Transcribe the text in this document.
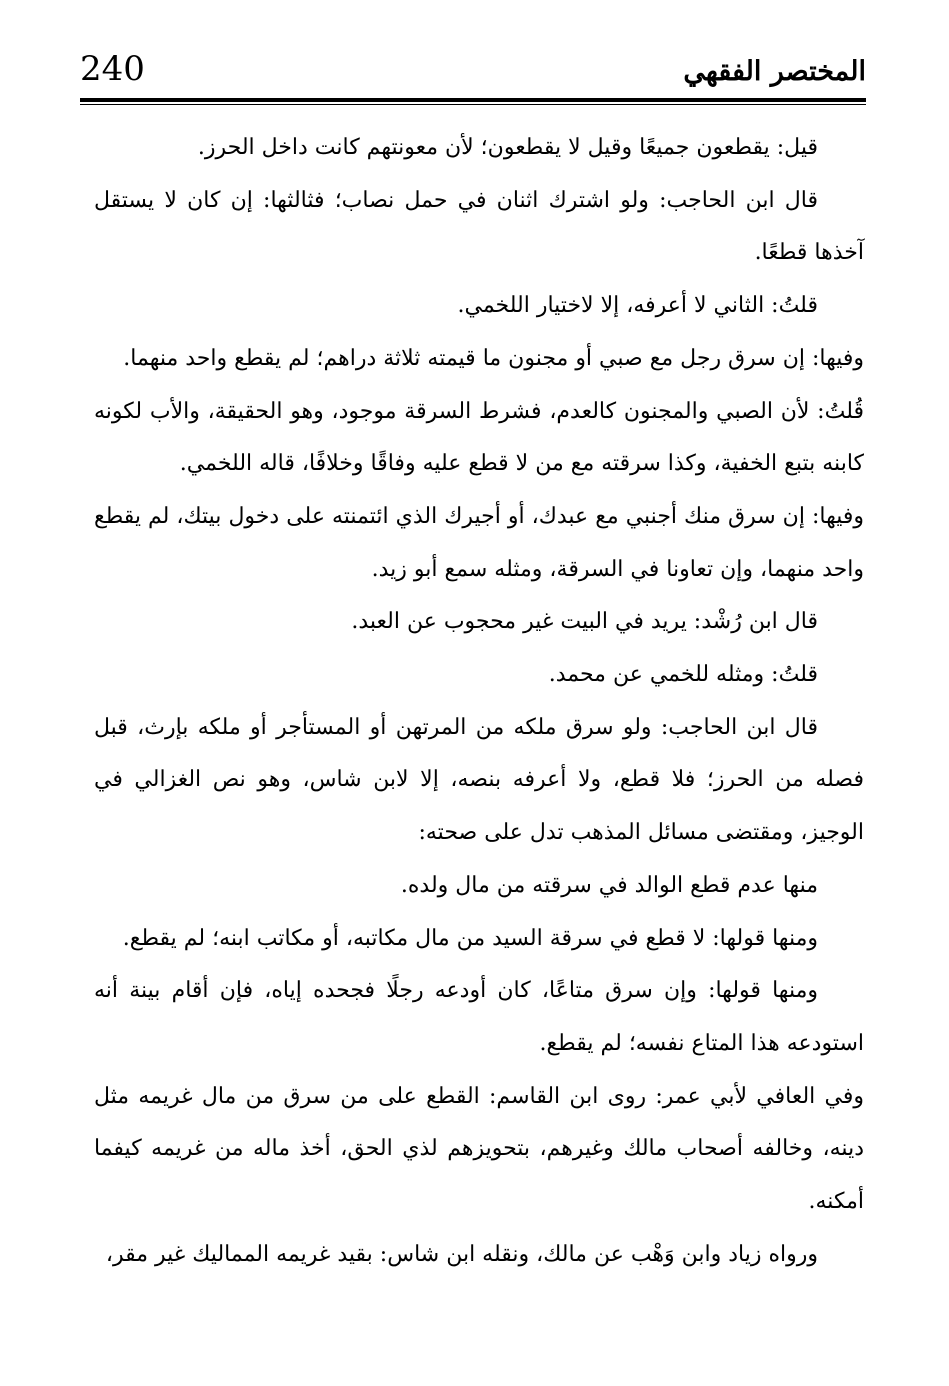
240	المختصر الفقهي

قيل: يقطعون جميعًا وقيل لا يقطعون؛ لأن معونتهم كانت داخل الحرز.

قال ابن الحاجب: ولو اشترك اثنان في حمل نصاب؛ فثالثها: إن كان لا يستقل آخذها قطعًا.

قلتُ: الثاني لا أعرفه، إلا لاختيار اللخمي.

وفيها: إن سرق رجل مع صبي أو مجنون ما قيمته ثلاثة دراهم؛ لم يقطع واحد منهما.

قُلتُ: لأن الصبي والمجنون كالعدم، فشرط السرقة موجود، وهو الحقيقة، والأب لكونه كابنه بتبع الخفية، وكذا سرقته مع من لا قطع عليه وفاقًا وخلافًا، قاله اللخمي.

وفيها: إن سرق منك أجنبي مع عبدك، أو أجيرك الذي ائتمنته على دخول بيتك، لم يقطع واحد منهما، وإن تعاونا في السرقة، ومثله سمع أبو زيد.

قال ابن رُشْد: يريد في البيت غير محجوب عن العبد.

قلتُ: ومثله للخمي عن محمد.

قال ابن الحاجب: ولو سرق ملكه من المرتهن أو المستأجر أو ملكه بإرث، قبل فصله من الحرز؛ فلا قطع، ولا أعرفه بنصه، إلا لابن شاس، وهو نص الغزالي في الوجيز، ومقتضى مسائل المذهب تدل على صحته:

منها عدم قطع الوالد في سرقته من مال ولده.

ومنها قولها: لا قطع في سرقة السيد من مال مكاتبه، أو مكاتب ابنه؛ لم يقطع.

ومنها قولها: وإن سرق متاعًا، كان أودعه رجلًا فجحده إياه، فإن أقام بينة أنه استودعه هذا المتاع نفسه؛ لم يقطع.

وفي العافي لأبي عمر: روى ابن القاسم: القطع على من سرق من مال غريمه مثل دينه، وخالفه أصحاب مالك وغيرهم، بتحويزهم لذي الحق، أخذ ماله من غريمه كيفما أمكنه.

ورواه زياد وابن وَهْب عن مالك، ونقله ابن شاس: بقيد غريمه المماليك غير مقر،
